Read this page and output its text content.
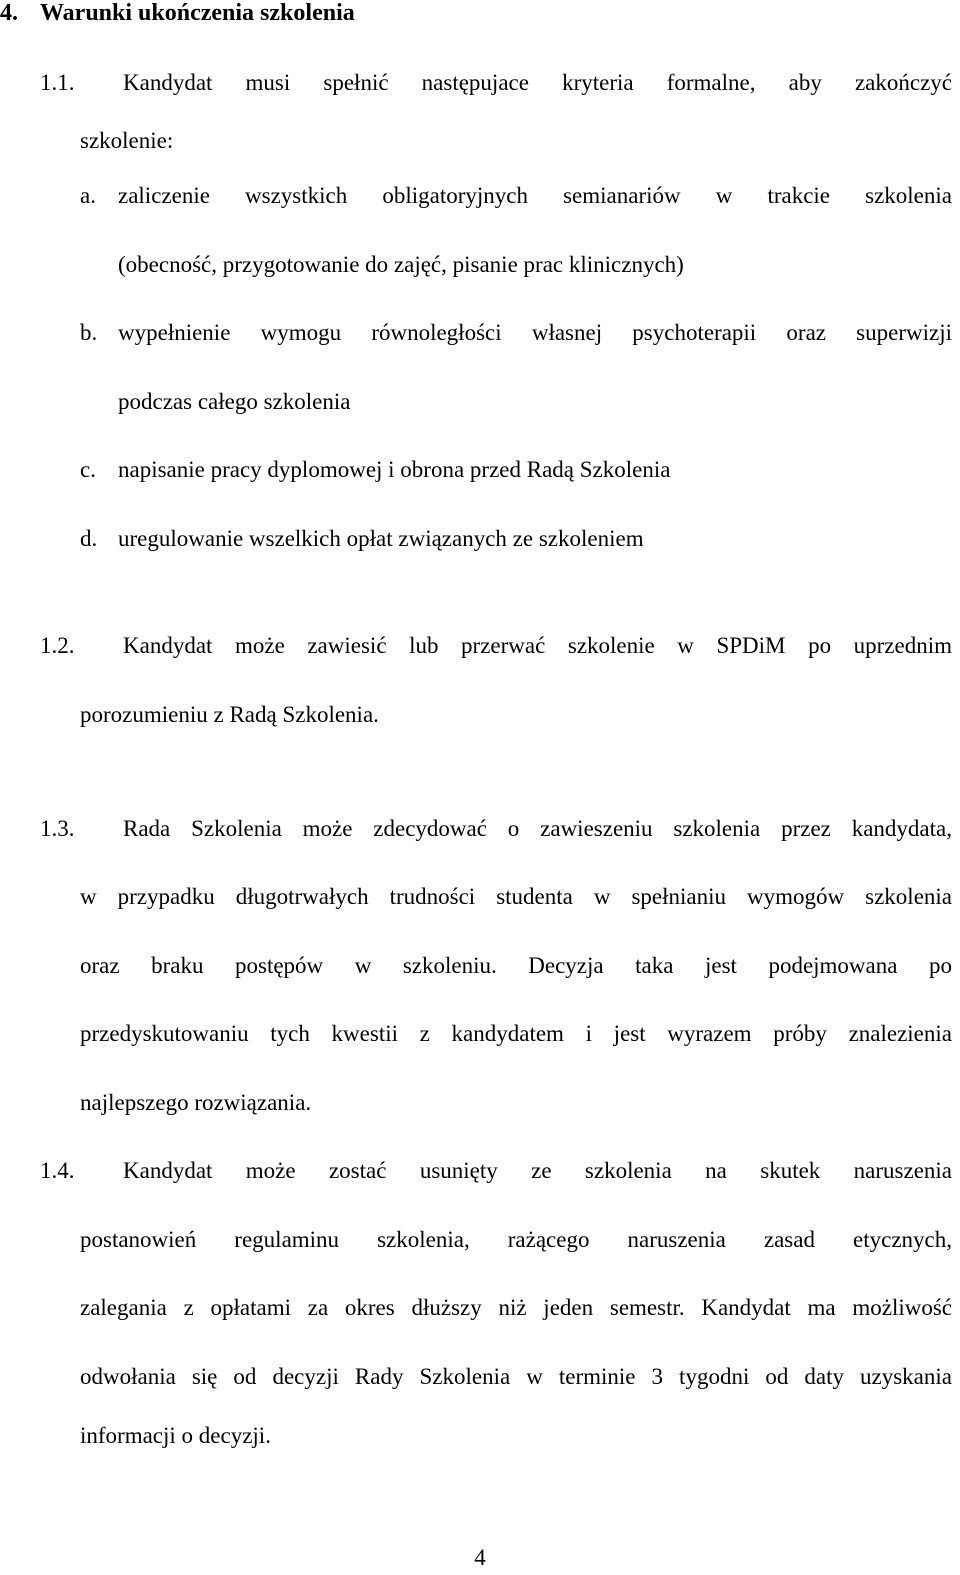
4. Warunki ukończenia szkolenia
1.1. Kandydat musi spełnić następujace kryteria formalne, aby zakończyć
szkolenie:
a. zaliczenie wszystkich obligatoryjnych semianariów w trakcie szkolenia
(obecność, przygotowanie do zajęć, pisanie prac klinicznych)
b. wypełnienie wymogu równoległości własnej psychoterapii oraz superwizji
podczas całego szkolenia
c. napisanie pracy dyplomowej i obrona przed Radą Szkolenia
d. uregulowanie wszelkich opłat związanych ze szkoleniem
1.2. Kandydat może zawiesić lub przerwać szkolenie w SPDiM po uprzednim
porozumieniu z Radą Szkolenia.
1.3. Rada Szkolenia może zdecydować o zawieszeniu szkolenia przez kandydata,
w przypadku długotrwałych trudności studenta w spełnianiu wymogów szkolenia
oraz braku postępów w szkoleniu. Decyzja taka jest podejmowana po
przedyskutowaniu tych kwestii z kandydatem i jest wyrazem próby znalezienia
najlepszego rozwiązania.
1.4. Kandydat może zostać usunięty ze szkolenia na skutek naruszenia
postanowień regulaminu szkolenia, rażącego naruszenia zasad etycznych,
zalegania z opłatami za okres dłuższy niż jeden semestr. Kandydat ma możliwość
odwołania się od decyzji Rady Szkolenia w terminie 3 tygodni od daty uzyskania
informacji o decyzji.
4
